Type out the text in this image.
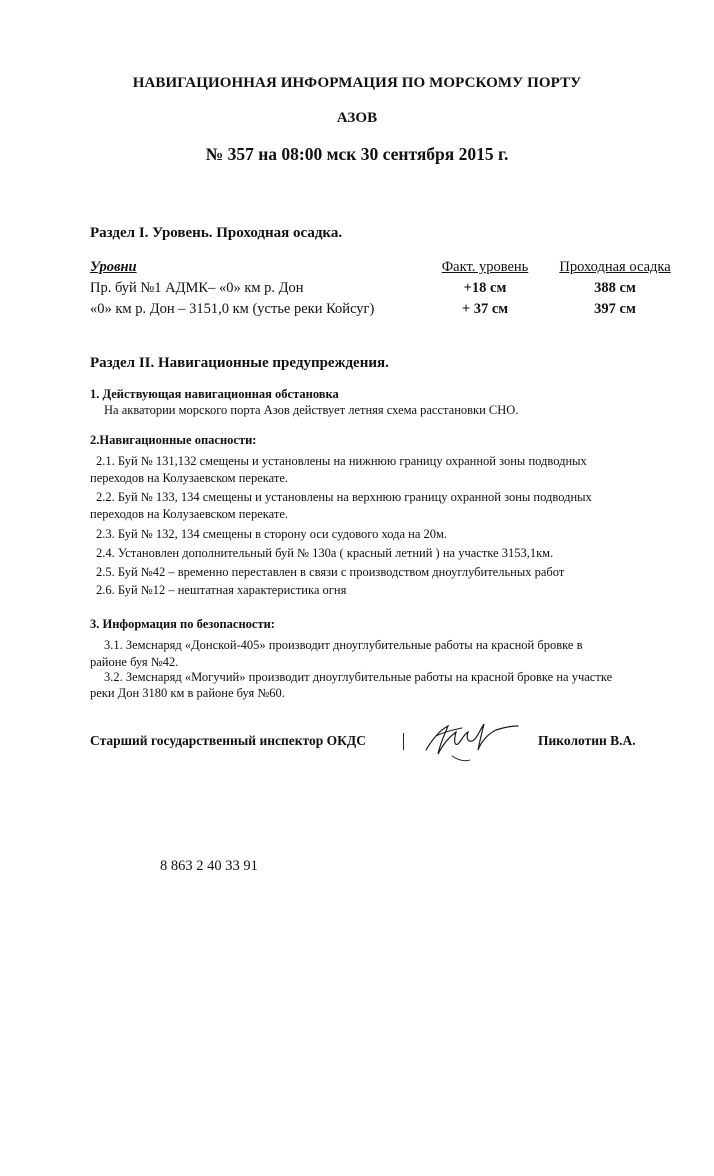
НАВИГАЦИОННАЯ ИНФОРМАЦИЯ ПО МОРСКОМУ ПОРТУ
АЗОВ
№ 357 на 08:00 мск 30 сентября 2015 г.
Раздел I. Уровень. Проходная осадка.
Уровни	Факт. уровень	Проходная осадка
Пр. буй №1 АДМК– «0» км р. Дон	+18 см	388 см
«0» км р. Дон – 3151,0 км (устье реки Койсуг)	+ 37 см	397 см
Раздел II. Навигационные предупреждения.
1. Действующая навигационная обстановка
На акватории морского порта Азов действует летняя схема расстановки СНО.
2.Навигационные опасности:
2.1. Буй № 131,132 смещены и установлены на нижнюю границу охранной зоны подводных
переходов на Колузаевском перекате.
2.2. Буй № 133, 134 смещены и установлены на верхнюю границу охранной зоны подводных
переходов на Колузаевском перекате.
2.3. Буй № 132, 134 смещены в сторону оси судового хода на 20м.
2.4. Установлен дополнительный буй № 130а ( красный летний ) на участке 3153,1км.
2.5. Буй №42 – временно переставлен в связи с производством дноуглубительных работ
2.6. Буй №12 – нештатная характеристика огня
3. Информация по безопасности:
3.1. Земснаряд «Донской-405» производит дноуглубительные работы на красной бровке в
районе буя №42.
3.2. Земснаряд «Могучий» производит дноуглубительные работы на красной бровке на участке
реки Дон 3180 км в районе буя №60.
Старший государственный инспектор ОКДС	Пиколотин В.А.
8 863 2 40 33 91
